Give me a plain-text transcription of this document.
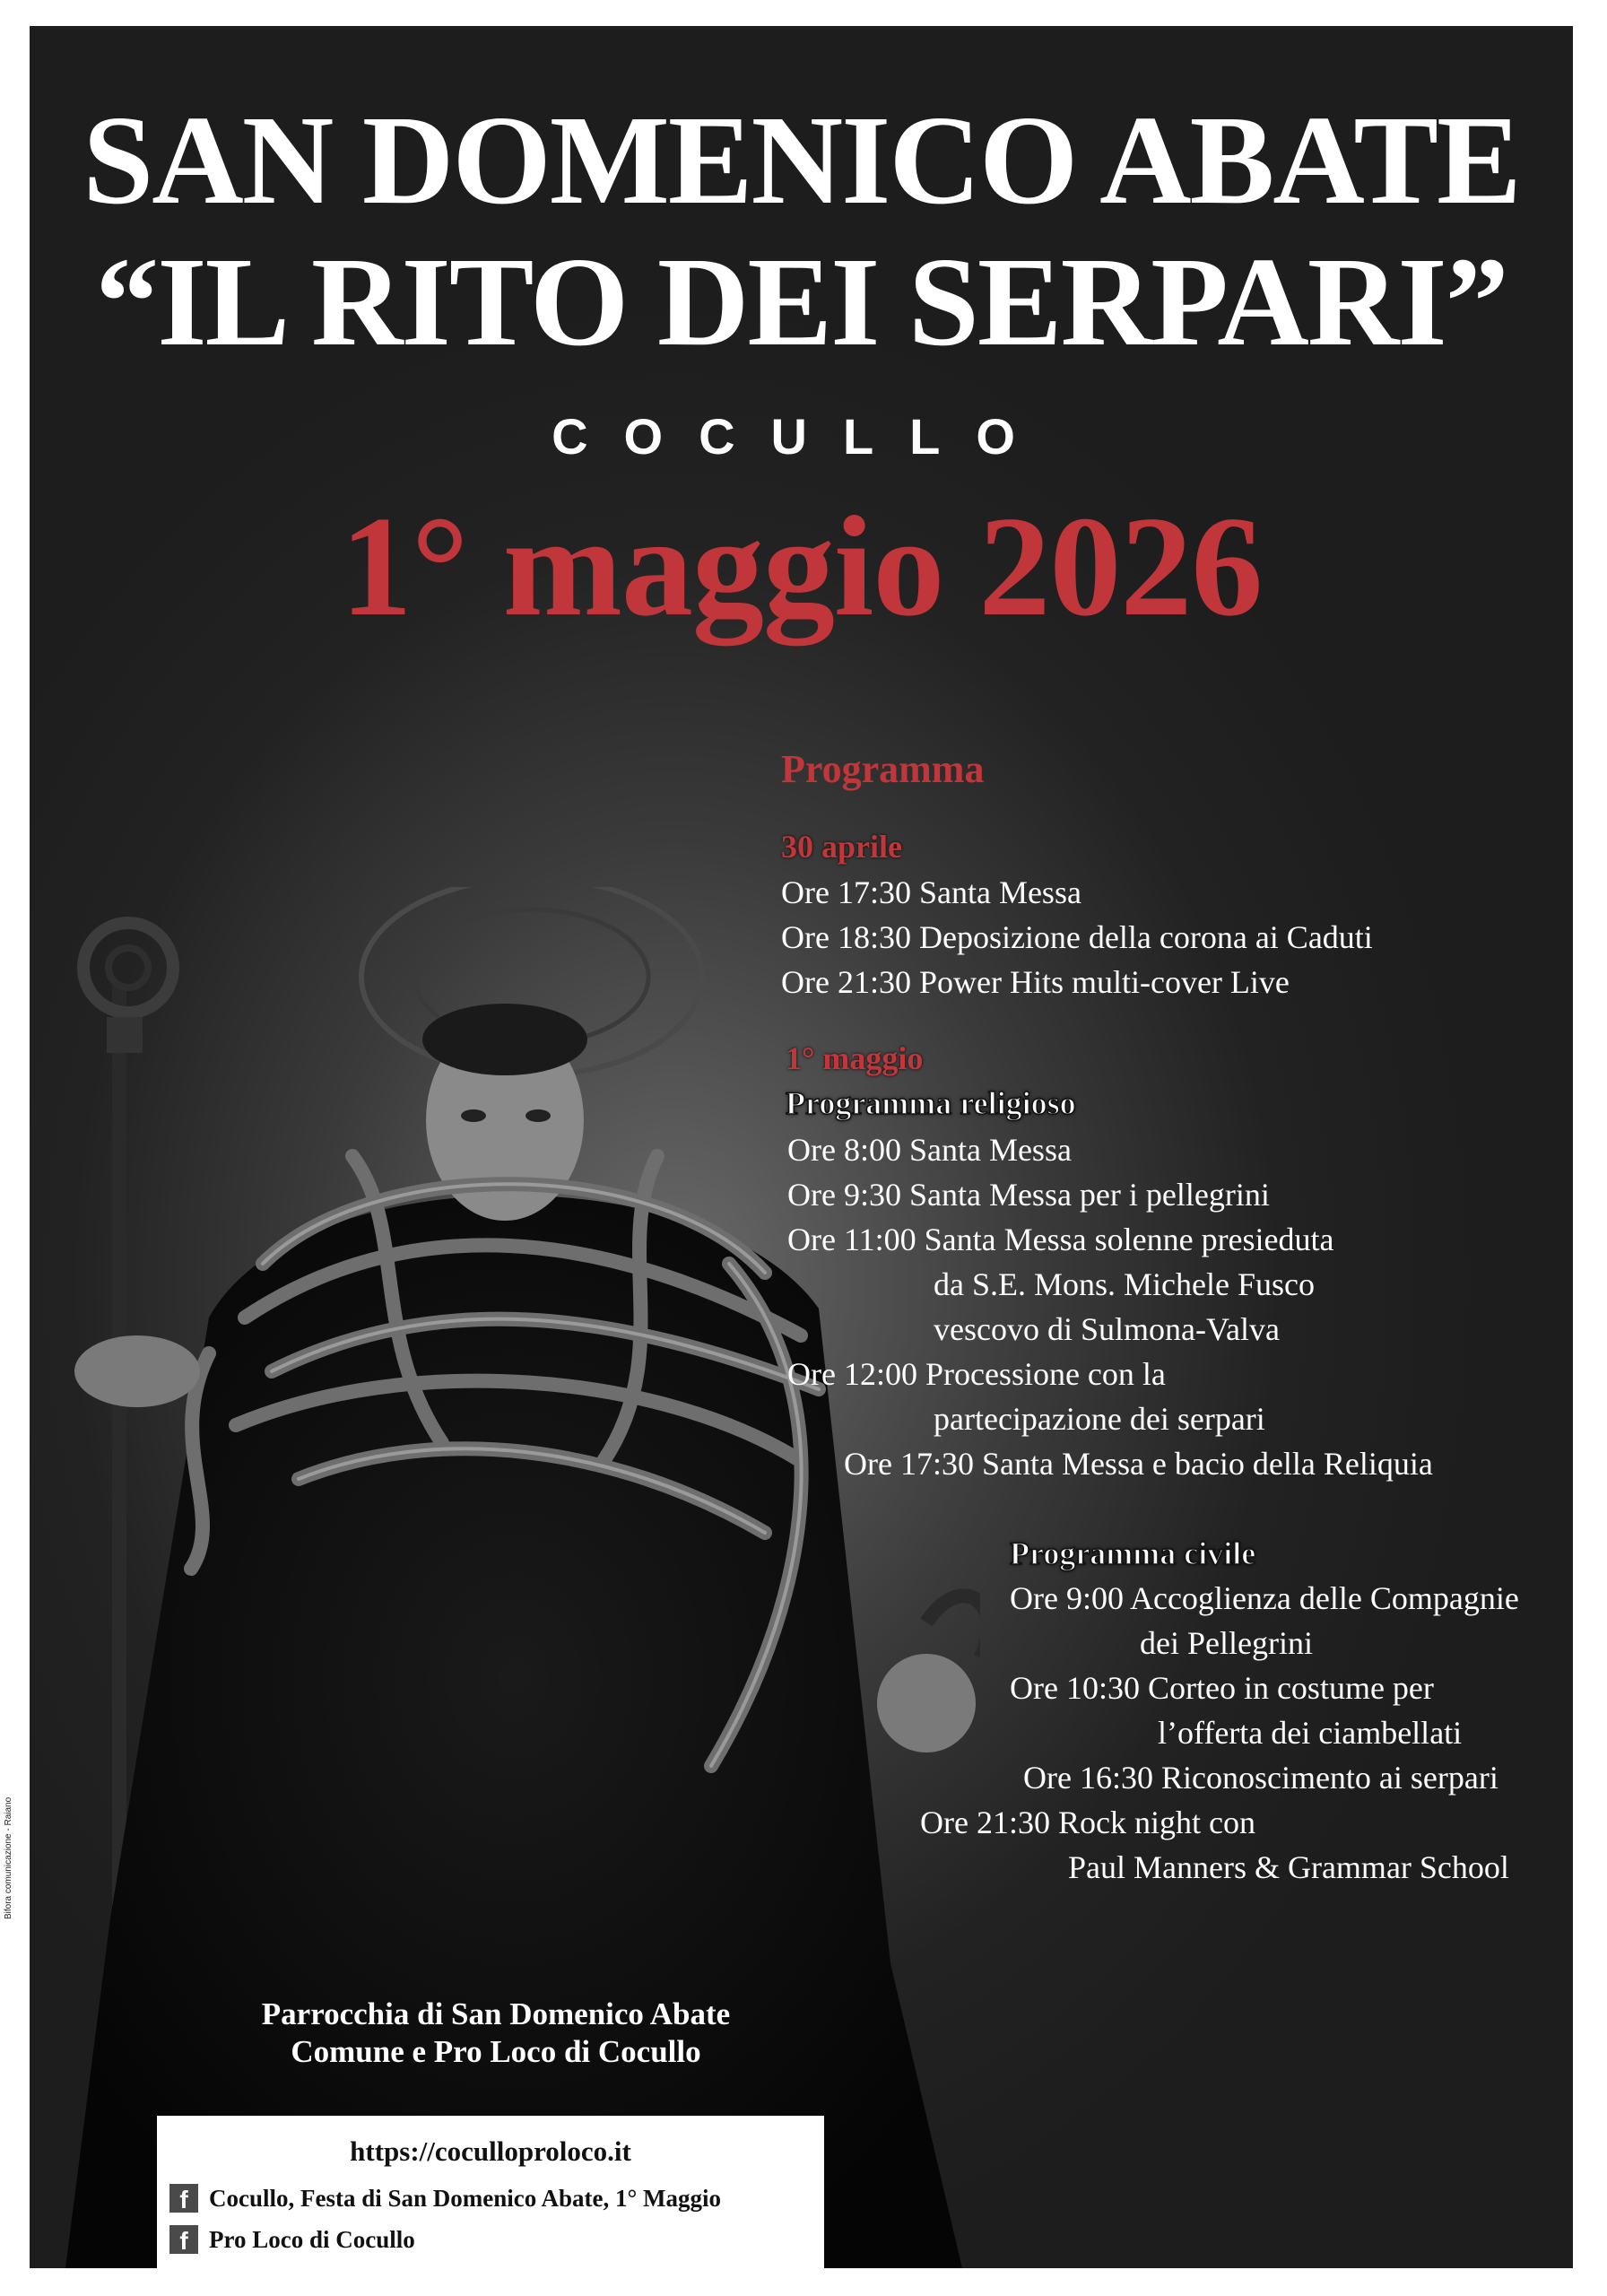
SAN DOMENICO ABATE
“IL RITO DEI SERPARI”
COCULLO
1° maggio 2026
Programma
30 aprile
Ore 17:30 Santa Messa
Ore 18:30 Deposizione della corona ai Caduti
Ore 21:30 Power Hits multi-cover Live
1° maggio
Programma religioso
Ore 8:00 Santa Messa
Ore 9:30 Santa Messa per i pellegrini
Ore 11:00 Santa Messa solenne presieduta
da S.E. Mons. Michele Fusco
vescovo di Sulmona-Valva
Ore 12:00 Processione con la
partecipazione dei serpari
Ore 17:30 Santa Messa e bacio della Reliquia
Programma civile
Ore 9:00 Accoglienza delle Compagnie
dei Pellegrini
Ore 10:30 Corteo in costume per
l’offerta dei ciambellati
Ore 16:30 Riconoscimento ai serpari
Ore 21:30 Rock night con
Paul Manners & Grammar School
Parrocchia di San Domenico Abate
Comune e Pro Loco di Cocullo
https://coculloproloco.it
f Cocullo, Festa di San Domenico Abate, 1° Maggio
f Pro Loco di Cocullo
Bifora comunicazione - Raiano
